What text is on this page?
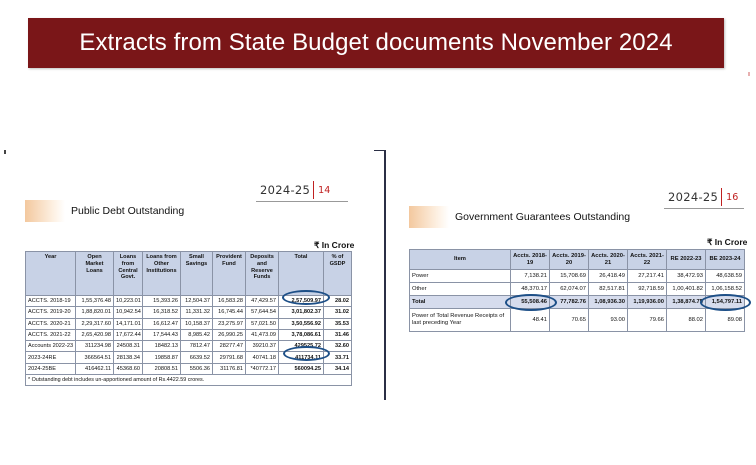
Extracts from State Budget documents November 2024
2024-25 14
Public Debt Outstanding
₹ In Crore
Year	Open Market Loans	Loans from Central Govt.	Loans from Other Institutions	Small Savings	Provident Fund	Deposits and Reserve Funds	Total	% of GSDP
ACCTS. 2018-19	1,55,376.48	10,223.01	15,393.26	12,504.37	16,583.28	47,429.57	2,57,509.97	28.02
ACCTS. 2019-20	1,88,820.01	10,942.54	16,318.52	11,331.32	16,745.44	57,644.54	3,01,802.37	31.02
ACCTS. 2020-21	2,29,317.60	14,171.01	16,612.47	10,158.37	23,275.97	57,021.50	3,50,556.92	35.53
ACCTS. 2021-22	2,65,420.98	17,672.44	17,544.43	8,985.42	26,990.25	41,473.09	3,78,086.61	31.46
Accounts 2022-23	311234.98	24508.31	18482.13	7812.47	28277.47	39210.37	429525.72	32.60
2023-24RE	366564.51	28138.34	19858.87	6639.52	29791.68	40741.18	411734.11	33.71
2024-25BE	416462.11	45368.60	20808.51	5506.36	31176.81	*40772.17	560094.25	34.14
* Outstanding debt includes un-apportioned amount of Rs.4422.59 crores.								
2024-25 16
Government Guarantees Outstanding
₹ In Crore
Item	Accts. 2018-19	Accts. 2019-20	Accts. 2020-21	Accts. 2021-22	RE 2022-23	BE 2023-24
Power	7,138.21	15,708.69	26,418.49	27,217.41	38,472.93	48,638.59
Other	48,370.17	62,074.07	82,517.81	92,718.59	1,00,401.82	1,06,158.52
Total	55,508.46	77,782.76	1,08,936.30	1,19,936.00	1,38,874.75	1,54,797.11
Power of Total Revenue Receipts of last preceding Year	48.41	70.65	93.00	79.66	88.02	89.08
